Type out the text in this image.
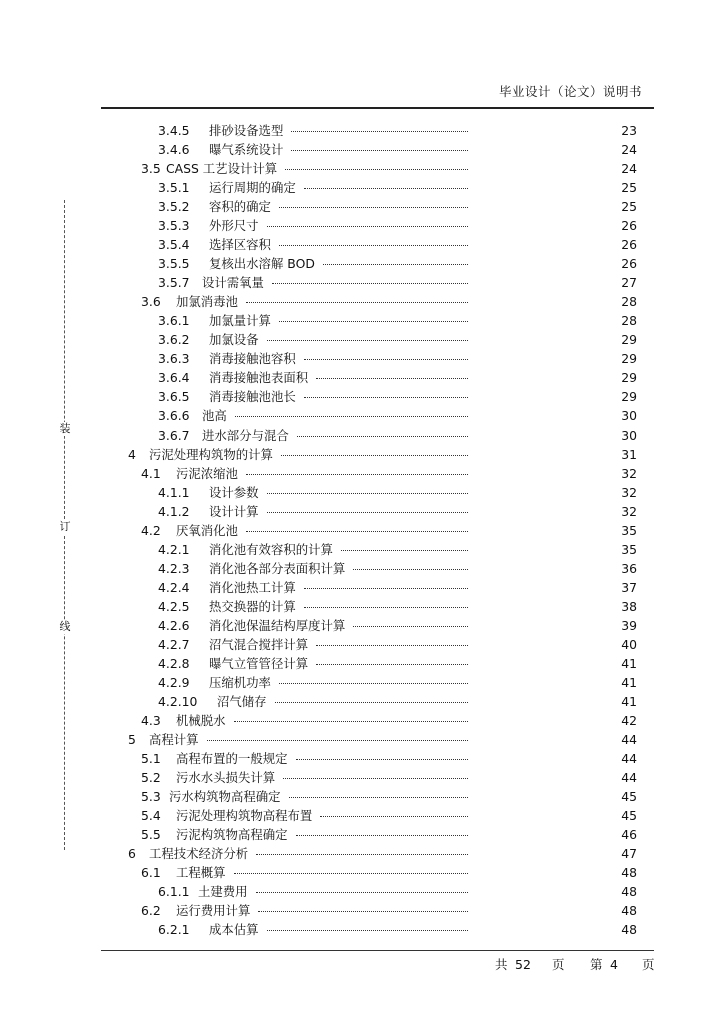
毕业设计（论文）说明书
装
订
线
3.4.5 排砂设备选型	23
3.4.6 曝气系统设计	24
3.5 CASS 工艺设计计算	24
3.5.1 运行周期的确定	25
3.5.2 容积的确定	25
3.5.3 外形尺寸	26
3.5.4 选择区容积	26
3.5.5 复核出水溶解 BOD	26
3.5.7 设计需氧量	27
3.6 加氯消毒池	28
3.6.1 加氯量计算	28
3.6.2 加氯设备	29
3.6.3 消毒接触池容积	29
3.6.4 消毒接触池表面积	29
3.6.5 消毒接触池池长	29
3.6.6 池高	30
3.6.7 进水部分与混合	30
4 污泥处理构筑物的计算	31
4.1 污泥浓缩池	32
4.1.1 设计参数	32
4.1.2 设计计算	32
4.2 厌氧消化池	35
4.2.1 消化池有效容积的计算	35
4.2.3 消化池各部分表面积计算	36
4.2.4 消化池热工计算	37
4.2.5 热交换器的计算	38
4.2.6 消化池保温结构厚度计算	39
4.2.7 沼气混合搅拌计算	40
4.2.8 曝气立管管径计算	41
4.2.9 压缩机功率	41
4.2.10 沼气储存	41
4.3 机械脱水	42
5 高程计算	44
5.1 高程布置的一般规定	44
5.2 污水水头损失计算	44
5.3 污水构筑物高程确定	45
5.4 污泥处理构筑物高程布置	45
5.5 污泥构筑物高程确定	46
6 工程技术经济分析	47
6.1 工程概算	48
6.1.1 土建费用	48
6.2 运行费用计算	48
6.2.1 成本估算	48
共 52 页 第 4 页
